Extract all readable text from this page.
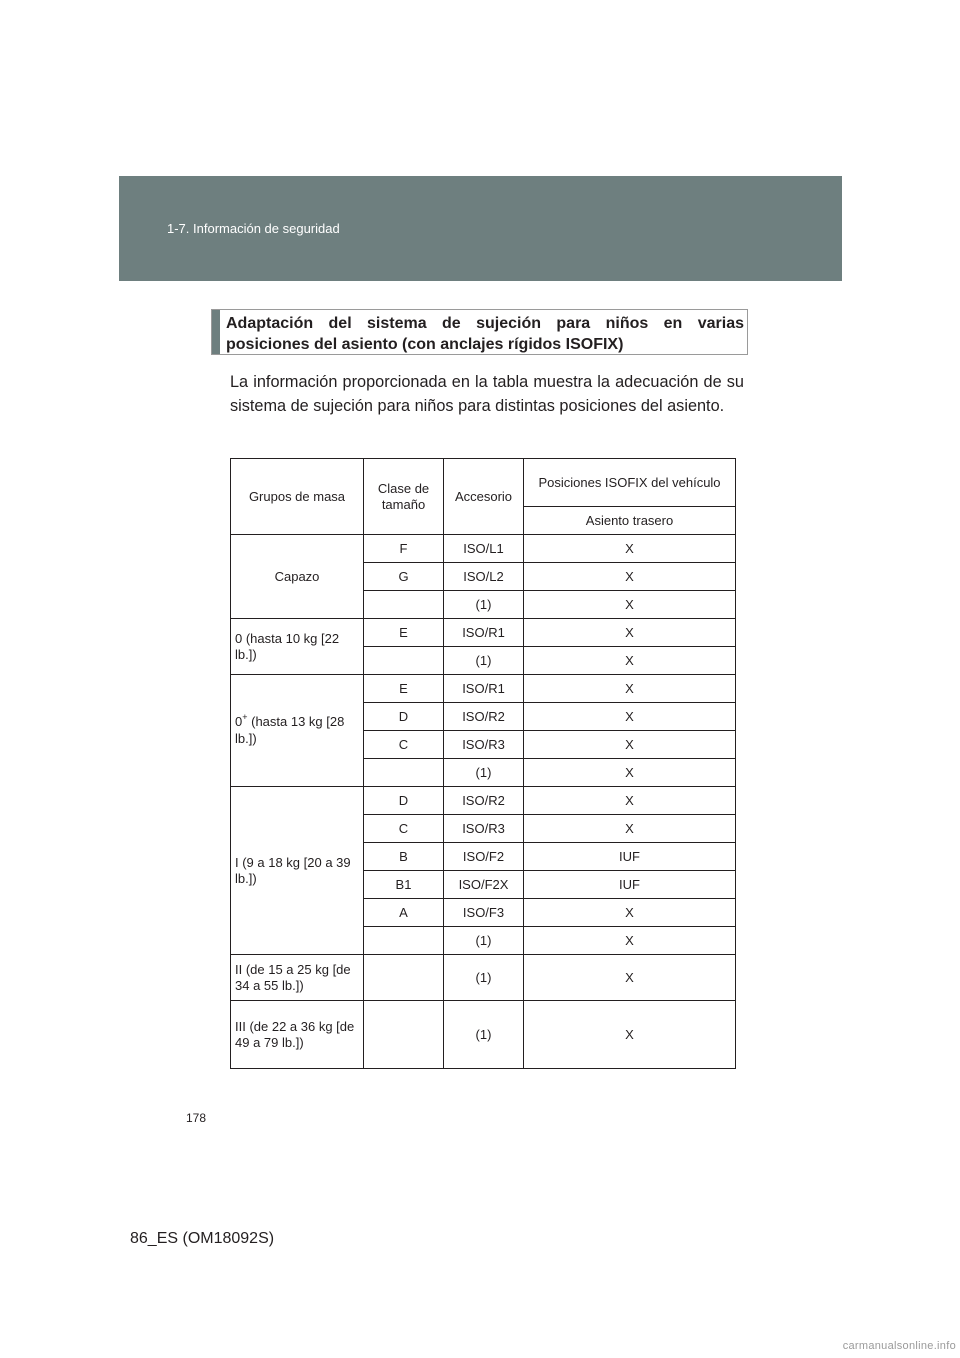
1-7. Información de seguridad
Adaptación del sistema de sujeción para niños en varias posiciones del asiento (con anclajes rígidos ISOFIX)
La información proporcionada en la tabla muestra la adecuación de su sistema de sujeción para niños para distintas posiciones del asiento.
Grupos de masa	Clase de tamaño	Accesorio	Posiciones ISOFIX del vehículo
			Asiento trasero
Capazo	F	ISO/L1	X
	G	ISO/L2	X
		(1)	X
0 (hasta 10 kg [22 lb.])	E	ISO/R1	X
		(1)	X
0+ (hasta 13 kg [28 lb.])	E	ISO/R1	X
	D	ISO/R2	X
	C	ISO/R3	X
		(1)	X
I (9 a 18 kg [20 a 39 lb.])	D	ISO/R2	X
	C	ISO/R3	X
	B	ISO/F2	IUF
	B1	ISO/F2X	IUF
	A	ISO/F3	X
		(1)	X
II (de 15 a 25 kg [de 34 a 55 lb.])		(1)	X
III (de 22 a 36 kg [de 49 a 79 lb.])		(1)	X
178
86_ES (OM18092S)
carmanualsonline.info
